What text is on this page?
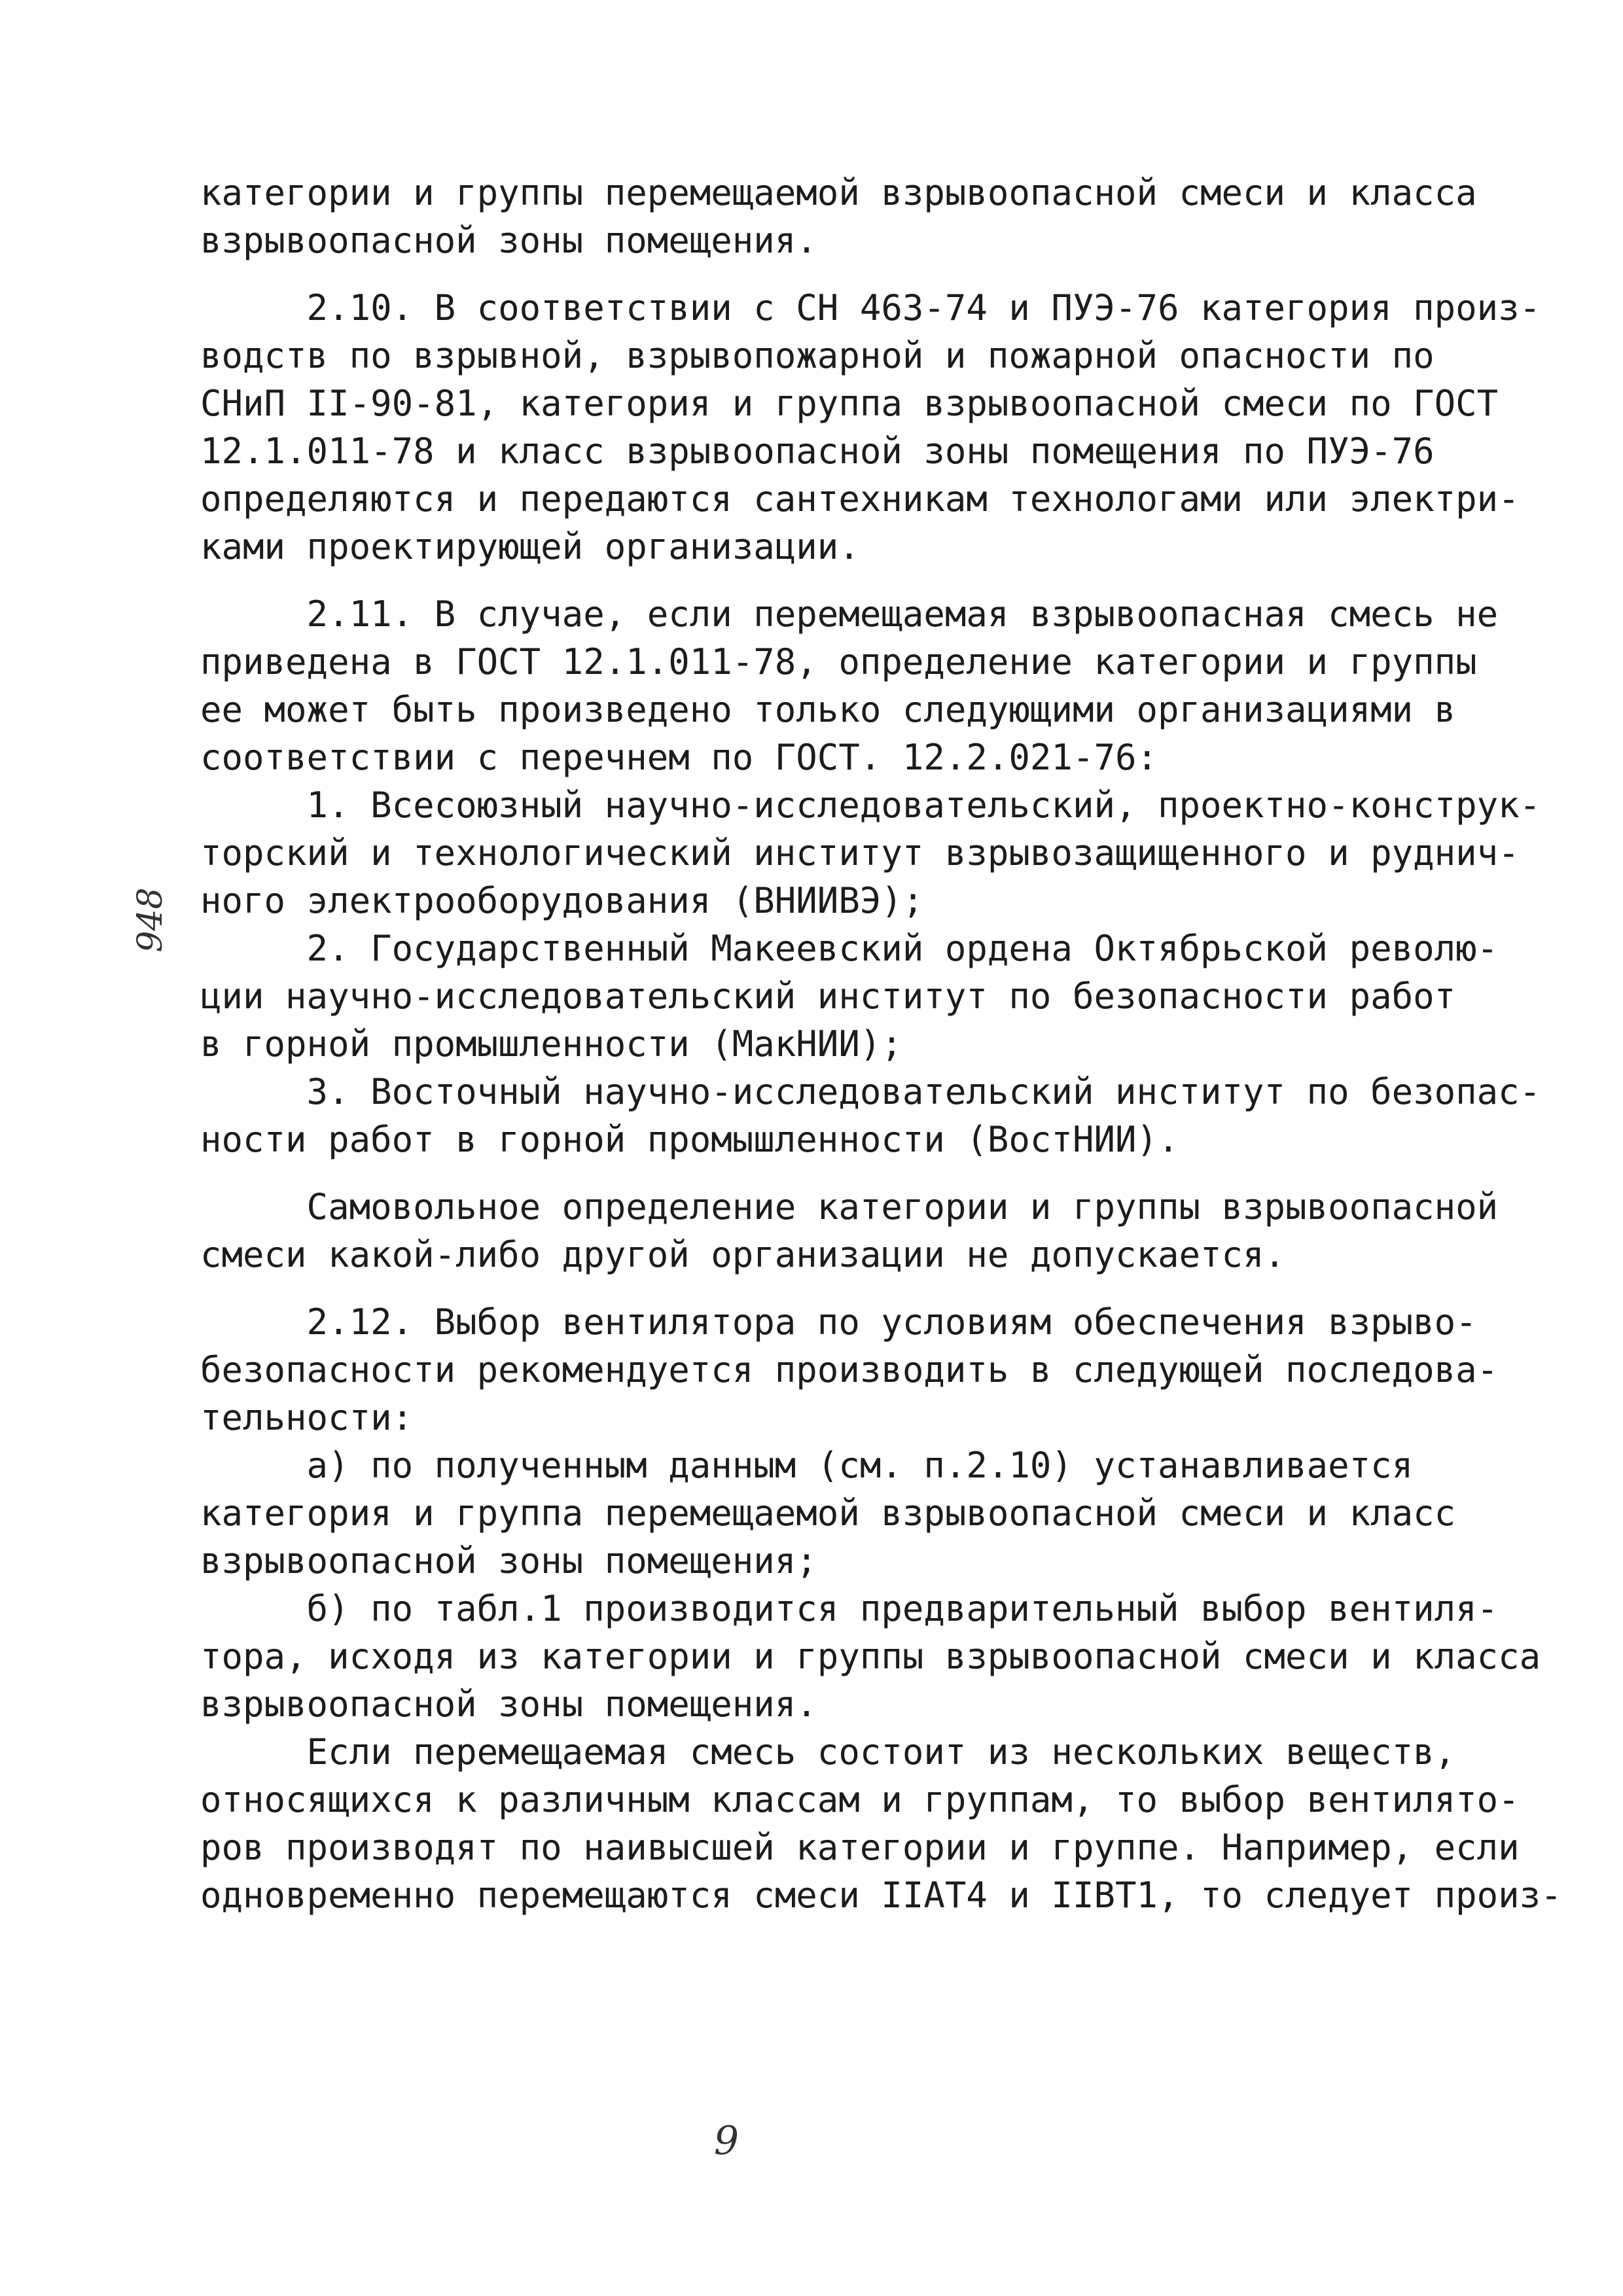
категории и группы перемещаемой взрывоопасной смеси и класса
взрывоопасной зоны помещения.
2.10. В соответствии с СН 463-74 и ПУЭ-76 категория произ-
водств по взрывной, взрывопожарной и пожарной опасности по
СНиП II-90-81, категория и группа взрывоопасной смеси по ГОСТ
12.1.011-78 и класс взрывоопасной зоны помещения по ПУЭ-76
определяются и передаются сантехникам технологами или электри-
ками проектирующей организации.
2.11. В случае, если перемещаемая взрывоопасная смесь не
приведена в ГОСТ 12.1.011-78, определение категории и группы
ее может быть произведено только следующими организациями в
соответствии с перечнем по ГОСТ. 12.2.021-76:
1. Всесоюзный научно-исследовательский, проектно-конструк-
торский и технологический институт взрывозащищенного и руднич-
ного электрооборудования (ВНИИВЭ);
2. Государственный Макеевский ордена Октябрьской револю-
ции научно-исследовательский институт по безопасности работ
в горной промышленности (МакНИИ);
3. Восточный научно-исследовательский институт по безопас-
ности работ в горной промышленности (ВостНИИ).
Самовольное определение категории и группы взрывоопасной
смеси какой-либо другой организации не допускается.
2.12. Выбор вентилятора по условиям обеспечения взрыво-
безопасности рекомендуется производить в следующей последова-
тельности:
а) по полученным данным (см. п.2.10) устанавливается
категория и группа перемещаемой взрывоопасной смеси и класс
взрывоопасной зоны помещения;
б) по табл.1 производится предварительный выбор вентиля-
тора, исходя из категории и группы взрывоопасной смеси и класса
взрывоопасной зоны помещения.
Если перемещаемая смесь состоит из нескольких веществ,
относящихся к различным классам и группам, то выбор вентилято-
ров производят по наивысшей категории и группе. Например, если
одновременно перемещаются смеси IIАТ4 и IIВТ1, то следует произ-
948
9
